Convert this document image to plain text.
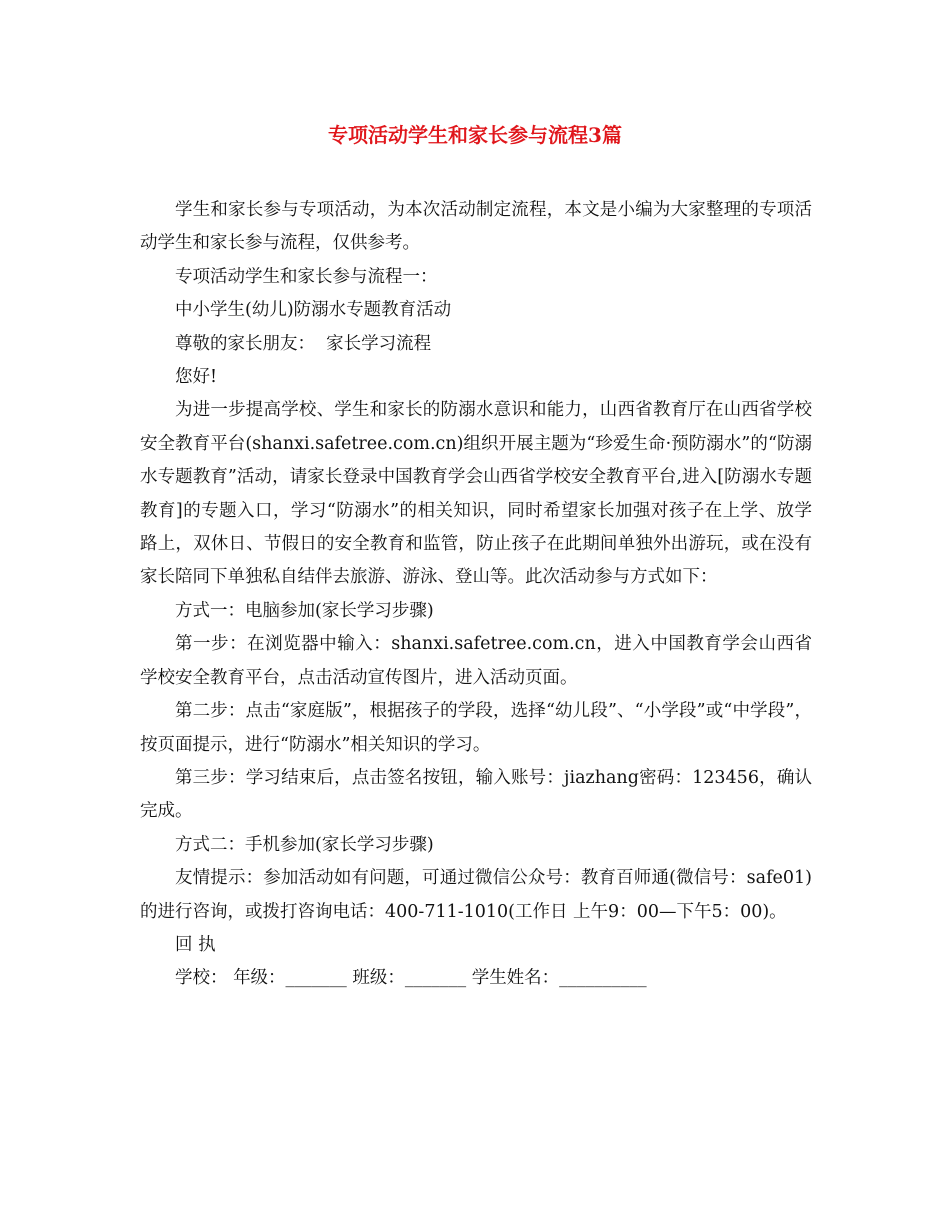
专项活动学生和家长参与流程3篇

学生和家长参与专项活动，为本次活动制定流程，本文是小编为大家整理的专项活动学生和家长参与流程，仅供参考。

专项活动学生和家长参与流程一：

中小学生(幼儿)防溺水专题教育活动

尊敬的家长朋友：  家长学习流程

您好!

为进一步提高学校、学生和家长的防溺水意识和能力，山西省教育厅在山西省学校安全教育平台(shanxi.safetree.com.cn)组织开展主题为“珍爱生命·预防溺水”的“防溺水专题教育”活动，请家长登录中国教育学会山西省学校安全教育平台,进入[防溺水专题教育]的专题入口，学习“防溺水”的相关知识，同时希望家长加强对孩子在上学、放学路上，双休日、节假日的安全教育和监管，防止孩子在此期间单独外出游玩，或在没有家长陪同下单独私自结伴去旅游、游泳、登山等。此次活动参与方式如下：

方式一：电脑参加(家长学习步骤)

第一步：在浏览器中输入：shanxi.safetree.com.cn，进入中国教育学会山西省学校安全教育平台，点击活动宣传图片，进入活动页面。

第二步：点击“家庭版”，根据孩子的学段，选择“幼儿段”、“小学段”或“中学段”，按页面提示，进行“防溺水”相关知识的学习。

第三步：学习结束后，点击签名按钮，输入账号：jiazhang密码：123456，确认完成。

方式二：手机参加(家长学习步骤)

友情提示：参加活动如有问题，可通过微信公众号：教育百师通(微信号：safe01)的进行咨询，或拨打咨询电话：400-711-1010(工作日 上午9：00—下午5：00)。

回 执

学校： 年级：_______ 班级：_______ 学生姓名：__________
